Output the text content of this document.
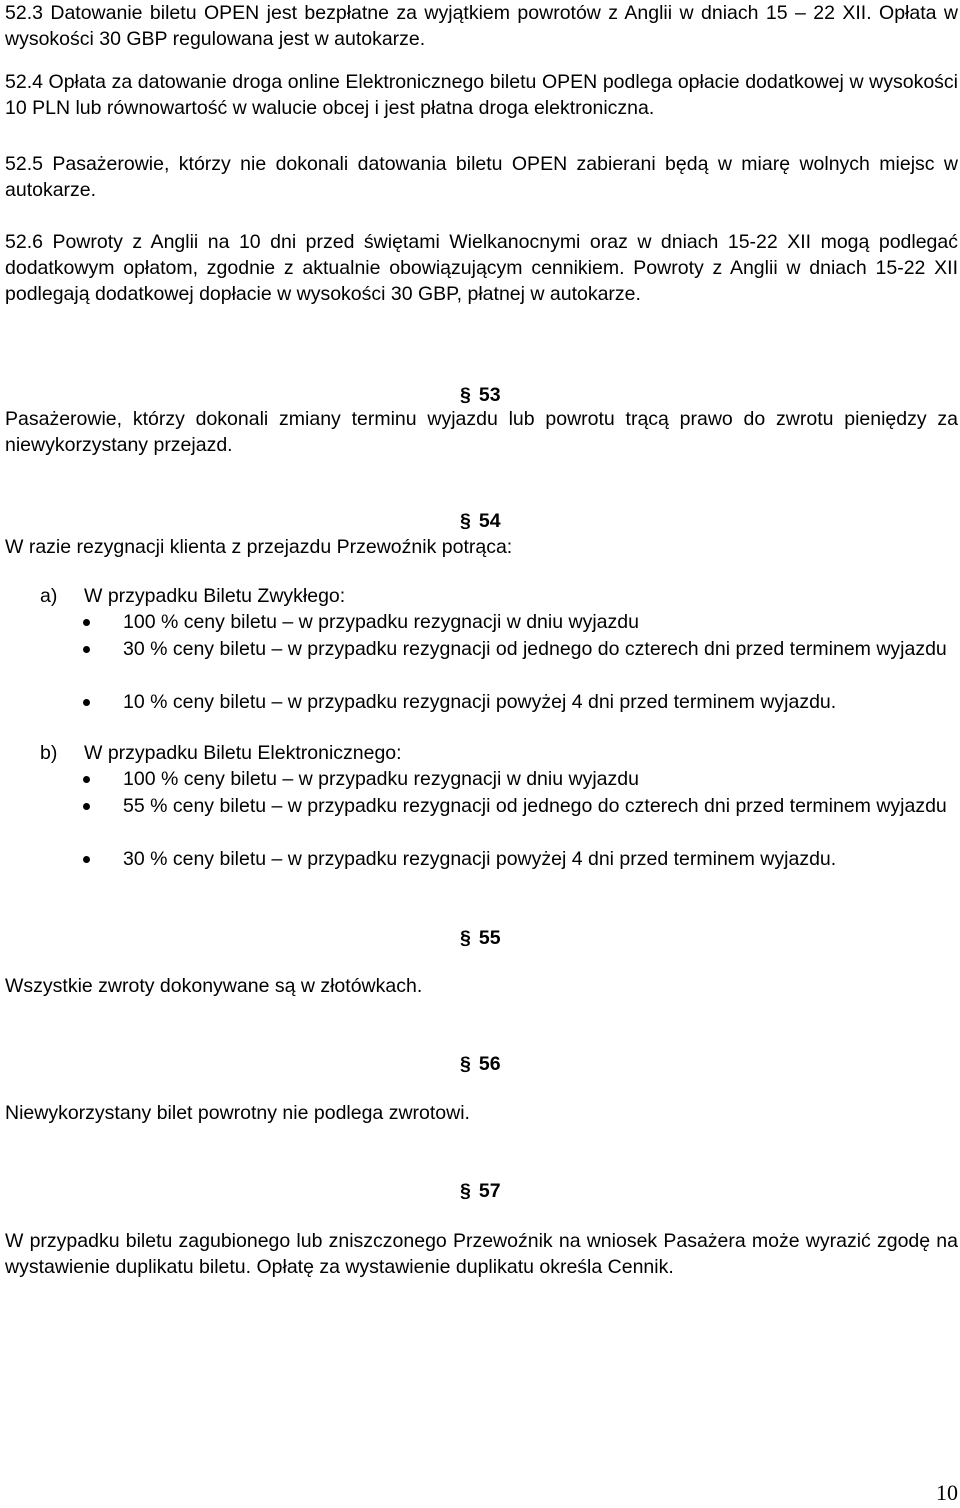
52.3 Datowanie biletu OPEN jest bezpłatne za wyjątkiem powrotów z Anglii w dniach 15 – 22 XII. Opłata w wysokości 30 GBP regulowana jest w autokarze.
52.4 Opłata za datowanie droga online Elektronicznego biletu OPEN podlega opłacie dodatkowej w wysokości 10 PLN lub równowartość w walucie obcej i jest płatna droga elektroniczna.
52.5 Pasażerowie, którzy nie dokonali datowania biletu OPEN zabierani będą w miarę wolnych miejsc w autokarze.
52.6 Powroty z Anglii na 10 dni przed świętami Wielkanocnymi oraz w dniach 15-22 XII mogą podlegać dodatkowym opłatom, zgodnie z aktualnie obowiązującym cennikiem. Powroty z Anglii w dniach 15-22 XII podlegają dodatkowej dopłacie w wysokości 30 GBP, płatnej w autokarze.
§ 53
Pasażerowie, którzy dokonali zmiany terminu wyjazdu lub powrotu trącą prawo do zwrotu pieniędzy za niewykorzystany przejazd.
§ 54
W razie rezygnacji klienta z przejazdu Przewoźnik potrąca:
a) W przypadku Biletu Zwykłego:
100 % ceny biletu – w przypadku rezygnacji w dniu wyjazdu
30 % ceny biletu – w przypadku rezygnacji od jednego do czterech dni przed terminem wyjazdu
10 % ceny biletu – w przypadku rezygnacji powyżej 4 dni przed terminem wyjazdu.
b) W przypadku Biletu Elektronicznego:
100 % ceny biletu – w przypadku rezygnacji w dniu wyjazdu
55 % ceny biletu – w przypadku rezygnacji od jednego do czterech dni przed terminem wyjazdu
30 % ceny biletu – w przypadku rezygnacji powyżej 4 dni przed terminem wyjazdu.
§ 55
Wszystkie zwroty dokonywane są w złotówkach.
§ 56
Niewykorzystany bilet powrotny nie podlega zwrotowi.
§ 57
W przypadku biletu zagubionego lub zniszczonego Przewoźnik na wniosek Pasażera może wyrazić zgodę na wystawienie duplikatu biletu. Opłatę za wystawienie duplikatu określa Cennik.
10
